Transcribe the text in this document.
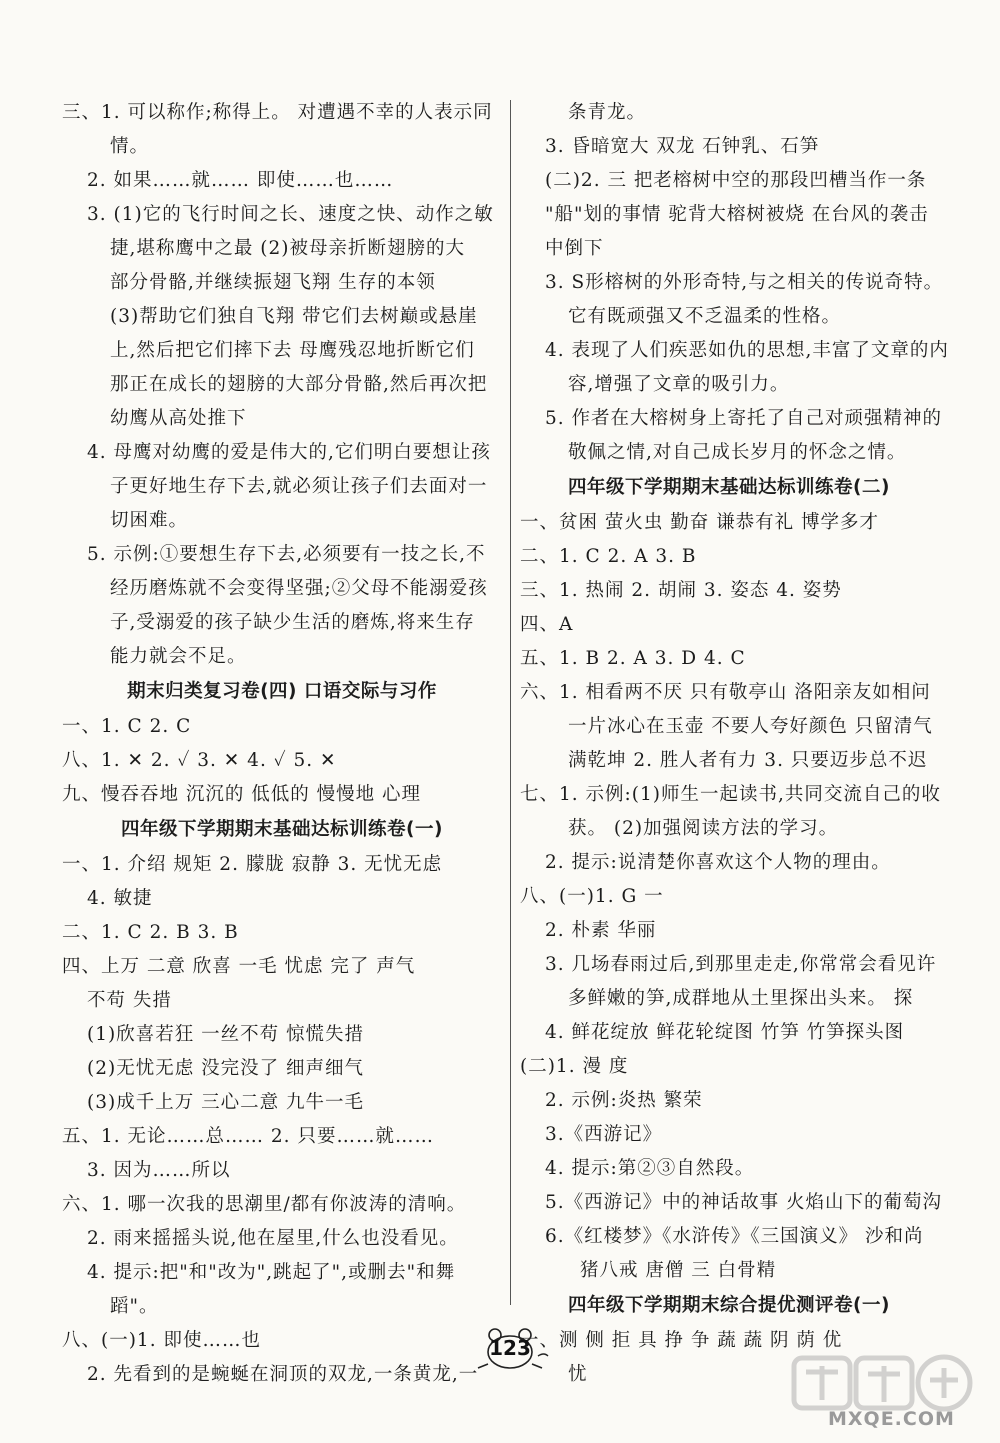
三、1. 可以称作;称得上。 对遭遇不幸的人表示同
情。
2. 如果……就…… 即使……也……
3. (1)它的飞行时间之长、速度之快、动作之敏
捷,堪称鹰中之最 (2)被母亲折断翅膀的大
部分骨骼,并继续振翅飞翔 生存的本领
(3)帮助它们独自飞翔 带它们去树巅或悬崖
上,然后把它们摔下去 母鹰残忍地折断它们
那正在成长的翅膀的大部分骨骼,然后再次把
幼鹰从高处推下
4. 母鹰对幼鹰的爱是伟大的,它们明白要想让孩
子更好地生存下去,就必须让孩子们去面对一
切困难。
5. 示例:①要想生存下去,必须要有一技之长,不
经历磨炼就不会变得坚强;②父母不能溺爱孩
子,受溺爱的孩子缺少生活的磨炼,将来生存
能力就会不足。
期末归类复习卷(四) 口语交际与习作
一、1. C 2. C
八、1. ✕ 2. ✓ 3. ✕ 4. ✓ 5. ✕
九、慢吞吞地 沉沉的 低低的 慢慢地 心理
四年级下学期期末基础达标训练卷(一)
一、1. 介绍 规矩 2. 朦胧 寂静 3. 无忧无虑
4. 敏捷
二、1. C 2. B 3. B
四、上万 二意 欣喜 一毛 忧虑 完了 声气
不苟 失措
(1)欣喜若狂 一丝不苟 惊慌失措
(2)无忧无虑 没完没了 细声细气
(3)成千上万 三心二意 九牛一毛
五、1. 无论……总…… 2. 只要……就……
3. 因为……所以
六、1. 哪一次我的思潮里/都有你波涛的清响。
2. 雨来摇摇头说,他在屋里,什么也没看见。
4. 提示:把"和"改为",跳起了",或删去"和舞
蹈"。
八、(一)1. 即使……也
2. 先看到的是蜿蜒在洞顶的双龙,一条黄龙,一
条青龙。
3. 昏暗宽大 双龙 石钟乳、石笋
(二)2. 三 把老榕树中空的那段凹槽当作一条
"船"划的事情 驼背大榕树被烧 在台风的袭击
中倒下
3. S形榕树的外形奇特,与之相关的传说奇特。
它有既顽强又不乏温柔的性格。
4. 表现了人们疾恶如仇的思想,丰富了文章的内
容,增强了文章的吸引力。
5. 作者在大榕树身上寄托了自己对顽强精神的
敬佩之情,对自己成长岁月的怀念之情。
四年级下学期期末基础达标训练卷(二)
一、贫困 萤火虫 勤奋 谦恭有礼 博学多才
二、1. C 2. A 3. B
三、1. 热闹 2. 胡闹 3. 姿态 4. 姿势
四、A
五、1. B 2. A 3. D 4. C
六、1. 相看两不厌 只有敬亭山 洛阳亲友如相问
一片冰心在玉壶 不要人夸好颜色 只留清气
满乾坤 2. 胜人者有力 3. 只要迈步总不迟
七、1. 示例:(1)师生一起读书,共同交流自己的收
获。 (2)加强阅读方法的学习。
2. 提示:说清楚你喜欢这个人物的理由。
八、(一)1. G 一
2. 朴素 华丽
3. 几场春雨过后,到那里走走,你常常会看见许
多鲜嫩的笋,成群地从土里探出头来。 探
4. 鲜花绽放 鲜花轮绽图 竹笋 竹笋探头图
(二)1. 漫 度
2. 示例:炎热 繁荣
3.《西游记》
4. 提示:第②③自然段。
5.《西游记》中的神话故事 火焰山下的葡萄沟
6.《红楼梦》《水浒传》《三国演义》 沙和尚
猪八戒 唐僧 三 白骨精
四年级下学期期末综合提优测评卷(一)
一、测 侧 拒 具 挣 争 蔬 蔬 阴 荫 优
忧
123
MXQE.COM
